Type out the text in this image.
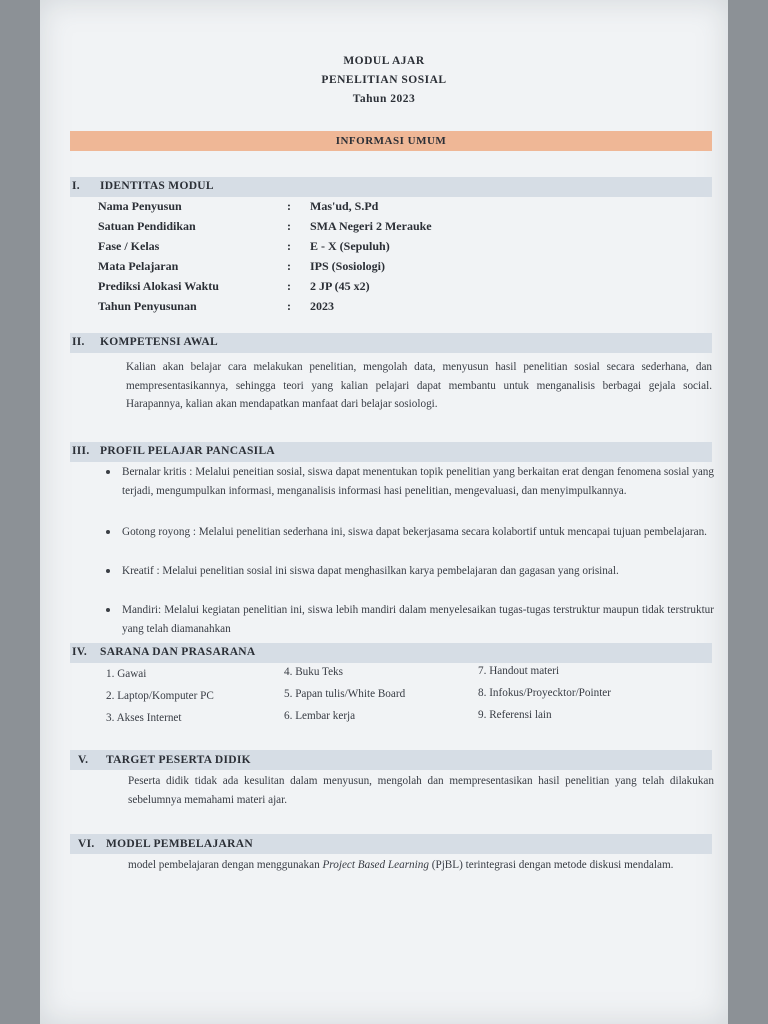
MODUL AJAR
PENELITIAN SOSIAL
Tahun 2023
INFORMASI UMUM
I. IDENTITAS MODUL
Nama Penyusun	: Mas'ud, S.Pd
Satuan Pendidikan	: SMA Negeri 2 Merauke
Fase / Kelas	: E - X (Sepuluh)
Mata Pelajaran	: IPS (Sosiologi)
Prediksi Alokasi Waktu	: 2 JP (45 x2)
Tahun Penyusunan	: 2023
II. KOMPETENSI AWAL
Kalian akan belajar cara melakukan penelitian, mengolah data, menyusun hasil penelitian sosial secara sederhana, dan mempresentasikannya, sehingga teori yang kalian pelajari dapat membantu untuk menganalisis berbagai gejala social. Harapannya, kalian akan mendapatkan manfaat dari belajar sosiologi.
III. PROFIL PELAJAR PANCASILA
Bernalar kritis : Melalui peneitian sosial, siswa dapat menentukan topik penelitian yang berkaitan erat dengan fenomena sosial yang terjadi, mengumpulkan informasi, menganalisis informasi hasi penelitian, mengevaluasi, dan menyimpulkannya.
Gotong royong : Melalui penelitian sederhana ini, siswa dapat bekerjasama secara kolabortif untuk mencapai tujuan pembelajaran.
Kreatif : Melalui penelitian sosial ini siswa dapat menghasilkan karya pembelajaran dan gagasan yang orisinal.
Mandiri: Melalui kegiatan penelitian ini, siswa lebih mandiri dalam menyelesaikan tugas-tugas terstruktur maupun tidak terstruktur yang telah diamanahkan
IV. SARANA DAN PRASARANA
1. Gawai
2. Laptop/Komputer PC
3. Akses Internet
4. Buku Teks
5. Papan tulis/White Board
6. Lembar kerja
7. Handout materi
8. Infokus/Proyecktor/Pointer
9. Referensi lain
V. TARGET PESERTA DIDIK
Peserta didik tidak ada kesulitan dalam menyusun, mengolah dan mempresentasikan hasil penelitian yang telah dilakukan sebelumnya memahami materi ajar.
VI. MODEL PEMBELAJARAN
model pembelajaran dengan menggunakan Project Based Learning (PjBL) terintegrasi dengan metode diskusi mendalam.
